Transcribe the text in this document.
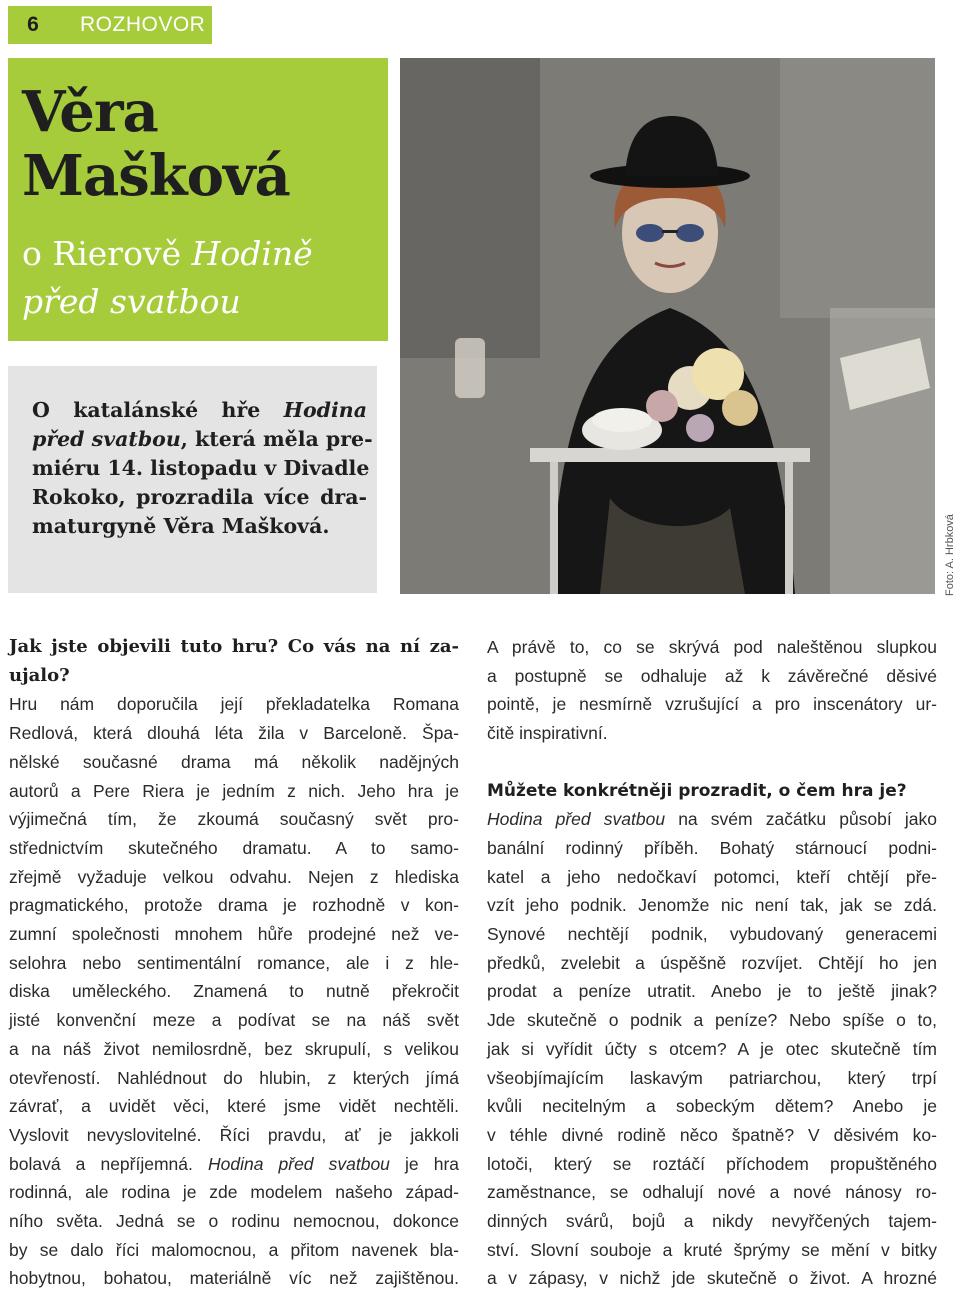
6	ROZHOVOR
Věra
Mašková
o Rierově Hodině
před svatbou

O katalánské hře Hodina
před svatbou, která měla pre-
miéru 14. listopadu v Divadle
Rokoko, prozradila více dra-
maturgyně Věra Mašková.	Foto: A. Hrbková
Jak jste objevili tuto hru? Co vás na ní za-
ujalo?
Hru nám doporučila její překladatelka Romana
Redlová, která dlouhá léta žila v Barceloně. Špa-
nělské současné drama má několik nadějných
autorů a Pere Riera je jedním z nich. Jeho hra je
výjimečná tím, že zkoumá současný svět pro-
střednictvím skutečného dramatu. A to samo-
zřejmě vyžaduje velkou odvahu. Nejen z hlediska
pragmatického, protože drama je rozhodně v kon-
zumní společnosti mnohem hůře prodejné než ve-
selohra nebo sentimentální romance, ale i z hle-
diska uměleckého. Znamená to nutně překročit
jisté konvenční meze a podívat se na náš svět
a na náš život nemilosrdně, bez skrupulí, s velikou
otevřeností. Nahlédnout do hlubin, z kterých jímá
závrať, a uvidět věci, které jsme vidět nechtěli.
Vyslovit nevyslovitelné. Říci pravdu, ať je jakkoli
bolavá a nepříjemná. Hodina před svatbou je hra
rodinná, ale rodina je zde modelem našeho západ-
ního světa. Jedná se o rodinu nemocnou, dokonce
by se dalo říci malomocnou, a přitom navenek bla-
hobytnou, bohatou, materiálně víc než zajištěnou.
A právě to, co se skrývá pod naleštěnou slupkou
a postupně se odhaluje až k závěrečné děsivé
pointě, je nesmírně vzrušující a pro inscenátory ur-
čitě inspirativní.
Můžete konkrétněji prozradit, o čem hra je?
Hodina před svatbou na svém začátku působí jako
banální rodinný příběh. Bohatý stárnoucí podni-
katel a jeho nedočkaví potomci, kteří chtějí pře-
vzít jeho podnik. Jenomže nic není tak, jak se zdá.
Synové nechtějí podnik, vybudovaný generacemi
předků, zvelebit a úspěšně rozvíjet. Chtějí ho jen
prodat a peníze utratit. Anebo je to ještě jinak?
Jde skutečně o podnik a peníze? Nebo spíše o to,
jak si vyřídit účty s otcem? A je otec skutečně tím
všeobjímajícím laskavým patriarchou, který trpí
kvůli necitelným a sobeckým dětem? Anebo je
v téhle divné rodině něco špatně? V děsivém ko-
lotoči, který se roztáčí příchodem propuštěného
zaměstnance, se odhalují nové a nové nánosy ro-
dinných svárů, bojů a nikdy nevyřčených tajem-
ství. Slovní souboje a kruté šprýmy se mění v bitky
a v zápasy, v nichž jde skutečně o život. A hrozné
